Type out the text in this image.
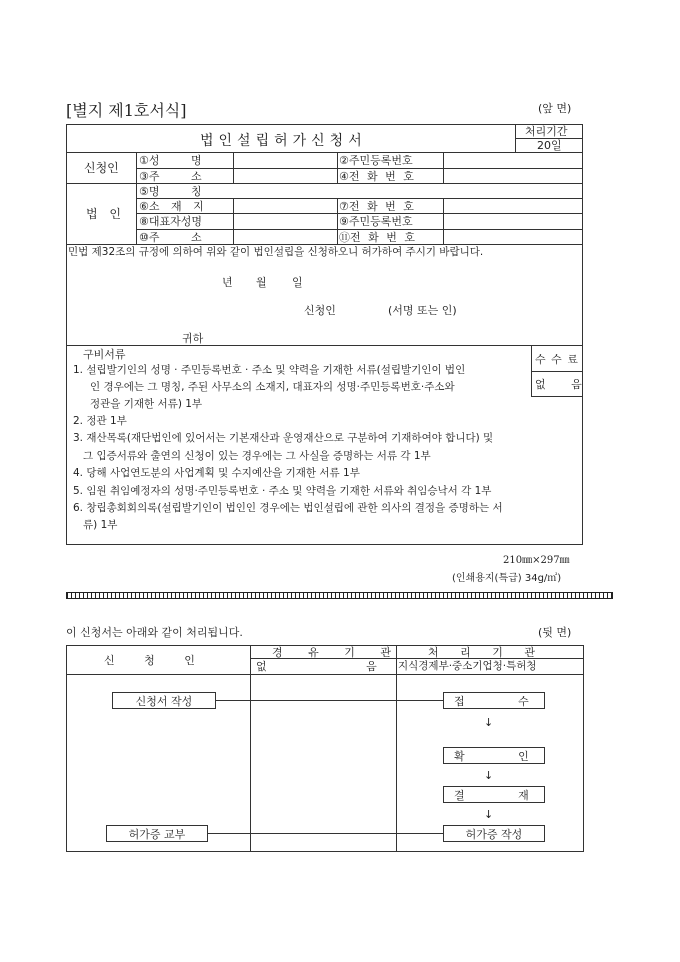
[별지 제1호서식]	(앞 면)
법인설립허가신청서
처리기간
20일
신청인
①성 명	②주민등록번호
③주 소	④전 화 번 호
법 인
⑤명 칭
⑥소 재 지	⑦전 화 번 호
⑧대표자성명	⑨주민등록번호
⑩주 소	⑪전 화 번 호
민법 제32조의 규정에 의하여 위와 같이 법인설립을 신청하오니 허가하여 주시기 바랍니다.
년 월 일
신청인	(서명 또는 인)
귀하
구비서류
1. 설립발기인의 성명 · 주민등록번호 · 주소 및 약력을 기재한 서류(설립발기인이 법인
인 경우에는 그 명칭, 주된 사무소의 소재지, 대표자의 성명·주민등록번호·주소와
정관을 기재한 서류) 1부
2. 정관 1부
3. 재산목록(재단법인에 있어서는 기본재산과 운영재산으로 구분하여 기재하여야 합니다) 및
그 입증서류와 출연의 신청이 있는 경우에는 그 사실을 증명하는 서류 각 1부
4. 당해 사업연도분의 사업계획 및 수지예산을 기재한 서류 1부
5. 임원 취임예정자의 성명·주민등록번호 · 주소 및 약력을 기재한 서류와 취임승낙서 각 1부
6. 창립총회회의록(설립발기인이 법인인 경우에는 법인설립에 관한 의사의 결정을 증명하는 서
류) 1부
수 수 료
없 음
210㎜×297㎜
(인쇄용지(특급) 34g/㎡)
이 신청서는 아래와 같이 처리됩니다.	(뒷 면)
신 청 인
경 유 기 관
없 음
처 리 기 관
지식경제부·중소기업청·특허청
신청서 작성
허가증 교부
접 수
↓
확 인
↓
결 재
↓
허가증 작성
